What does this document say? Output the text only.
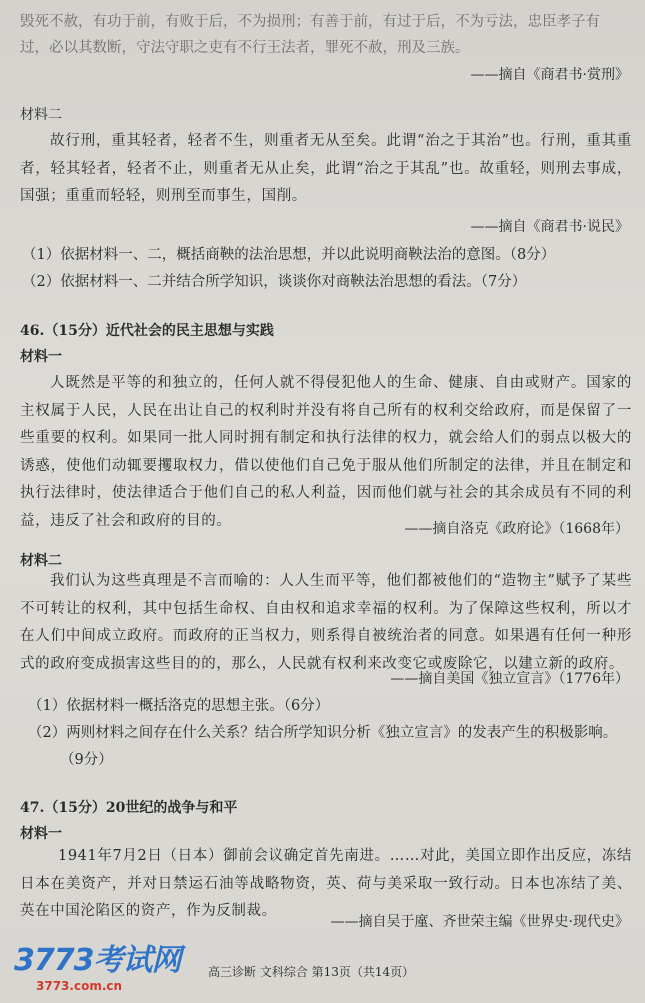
毁死不赦，有功于前，有败于后，不为损刑；有善于前，有过于后，不为亏法，忠臣孝子有
过，必以其数断，守法守职之吏有不行王法者，罪死不赦，刑及三族。
——摘自《商君书·赏刑》
材料二
故行刑，重其轻者，轻者不生，则重者无从至矣。此谓“治之于其治”也。行刑，重其重者，轻其轻者，轻者不止，则重者无从止矣，此谓“治之于其乱”也。故重轻，则刑去事成，国强；重重而轻轻，则刑至而事生，国削。
——摘自《商君书·说民》
（1）依据材料一、二，概括商鞅的法治思想，并以此说明商鞅法治的意图。（8分）
（2）依据材料一、二并结合所学知识，谈谈你对商鞅法治思想的看法。（7分）
46.（15分）近代社会的民主思想与实践
材料一
人既然是平等的和独立的，任何人就不得侵犯他人的生命、健康、自由或财产。国家的主权属于人民，人民在出让自己的权利时并没有将自己所有的权利交给政府，而是保留了一些重要的权利。如果同一批人同时拥有制定和执行法律的权力，就会给人们的弱点以极大的诱惑，使他们动辄要攫取权力，借以使他们自己免于服从他们所制定的法律，并且在制定和执行法律时，使法律适合于他们自己的私人利益，因而他们就与社会的其余成员有不同的利益，违反了社会和政府的目的。
——摘自洛克《政府论》（1668年）
材料二
我们认为这些真理是不言而喻的：人人生而平等，他们都被他们的“造物主”赋予了某些不可转让的权利，其中包括生命权、自由权和追求幸福的权利。为了保障这些权利，所以才在人们中间成立政府。而政府的正当权力，则系得自被统治者的同意。如果遇有任何一种形式的政府变成损害这些目的的，那么，人民就有权利来改变它或废除它，以建立新的政府。
——摘自美国《独立宣言》（1776年）
（1）依据材料一概括洛克的思想主张。（6分）
（2）两则材料之间存在什么关系？结合所学知识分析《独立宣言》的发表产生的积极影响。
（9分）
47.（15分）20世纪的战争与和平
材料一
1941年7月2日（日本）御前会议确定首先南进。……对此，美国立即作出反应，冻结日本在美资产，并对日禁运石油等战略物资，英、荷与美采取一致行动。日本也冻结了美、英在中国沦陷区的资产，作为反制裁。
——摘自吴于廑、齐世荣主编《世界史·现代史》
3773考试网
3773.com.cn
高三诊断 文科综合 第13页（共14页）
